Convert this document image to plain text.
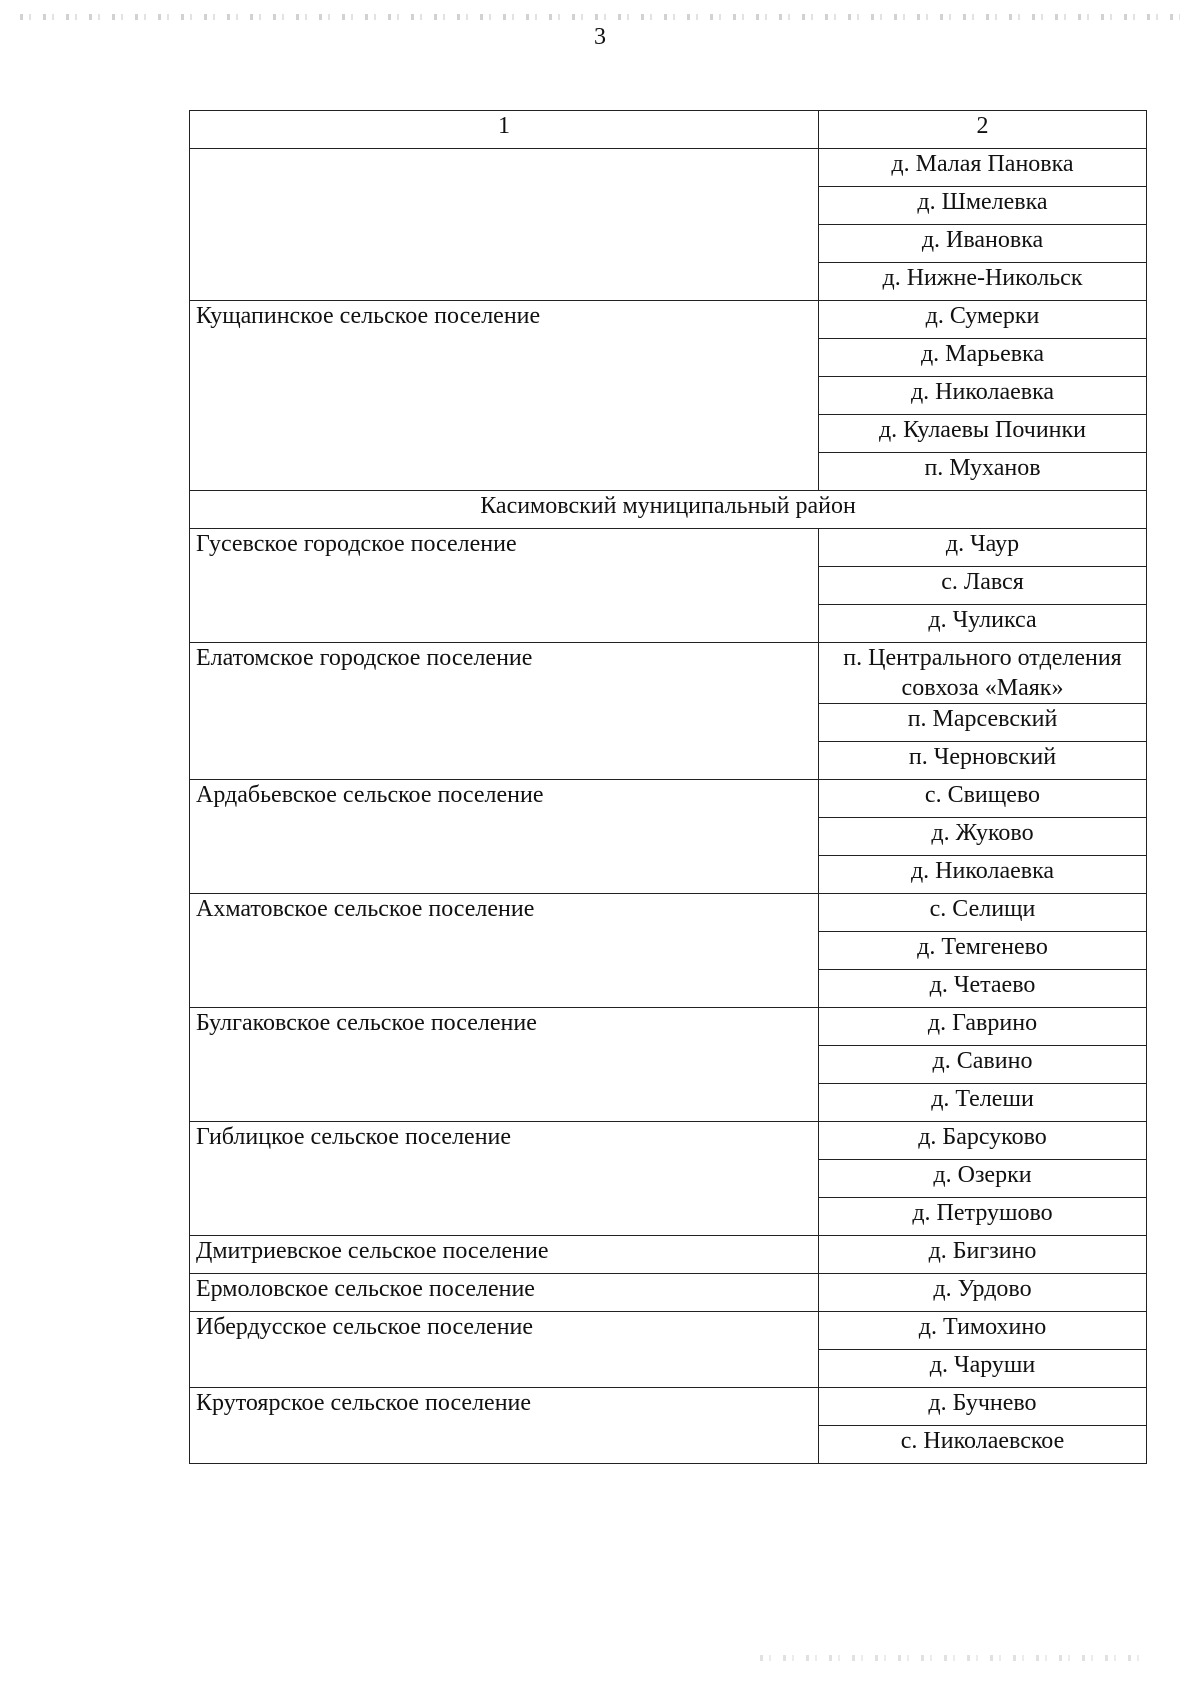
3
1	2
	д. Малая Пановка
	д. Шмелевка
	д. Ивановка
	д. Нижне-Никольск
Кущапинское сельское поселение	д. Сумерки
	д. Марьевка
	д. Николаевка
	д. Кулаевы Починки
	п. Муханов
Касимовский муниципальный район	
Гусевское городское поселение	д. Чаур
	с. Лався
	д. Чуликса
Елатомское городское поселение	п. Центрального отделения совхоза «Маяк»
	п. Марсевский
	п. Черновский
Ардабьевское сельское поселение	с. Свищево
	д. Жуково
	д. Николаевка
Ахматовское сельское поселение	с. Селищи
	д. Темгенево
	д. Четаево
Булгаковское сельское поселение	д. Гаврино
	д. Савино
	д. Телеши
Гиблицкое сельское поселение	д. Барсуково
	д. Озерки
	д. Петрушово
Дмитриевское сельское поселение	д. Бигзино
Ермоловское сельское поселение	д. Урдово
Ибердусское сельское поселение	д. Тимохино
	д. Чаруши
Крутоярское сельское поселение	д. Бучнево
	с. Николаевское
